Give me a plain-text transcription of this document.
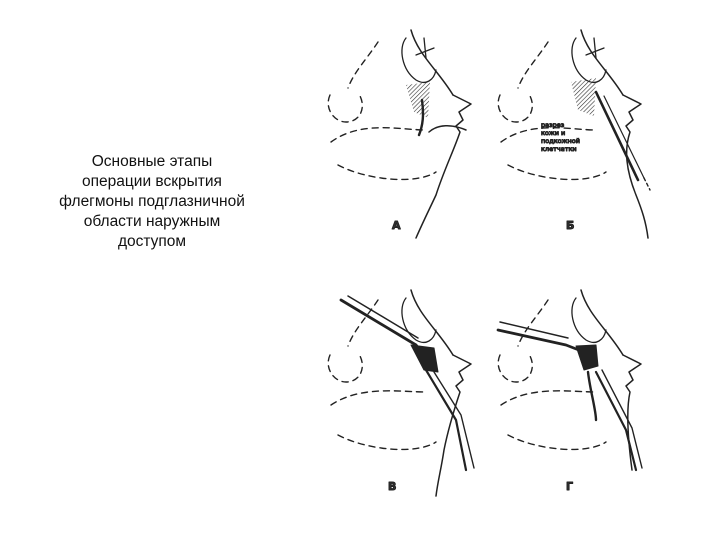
Основные этапы
операции вскрытия
флегмоны подглазничной
области наружным
доступом
А
разрез
кожи и
подкожной
клетчатки
Б
В	Г
